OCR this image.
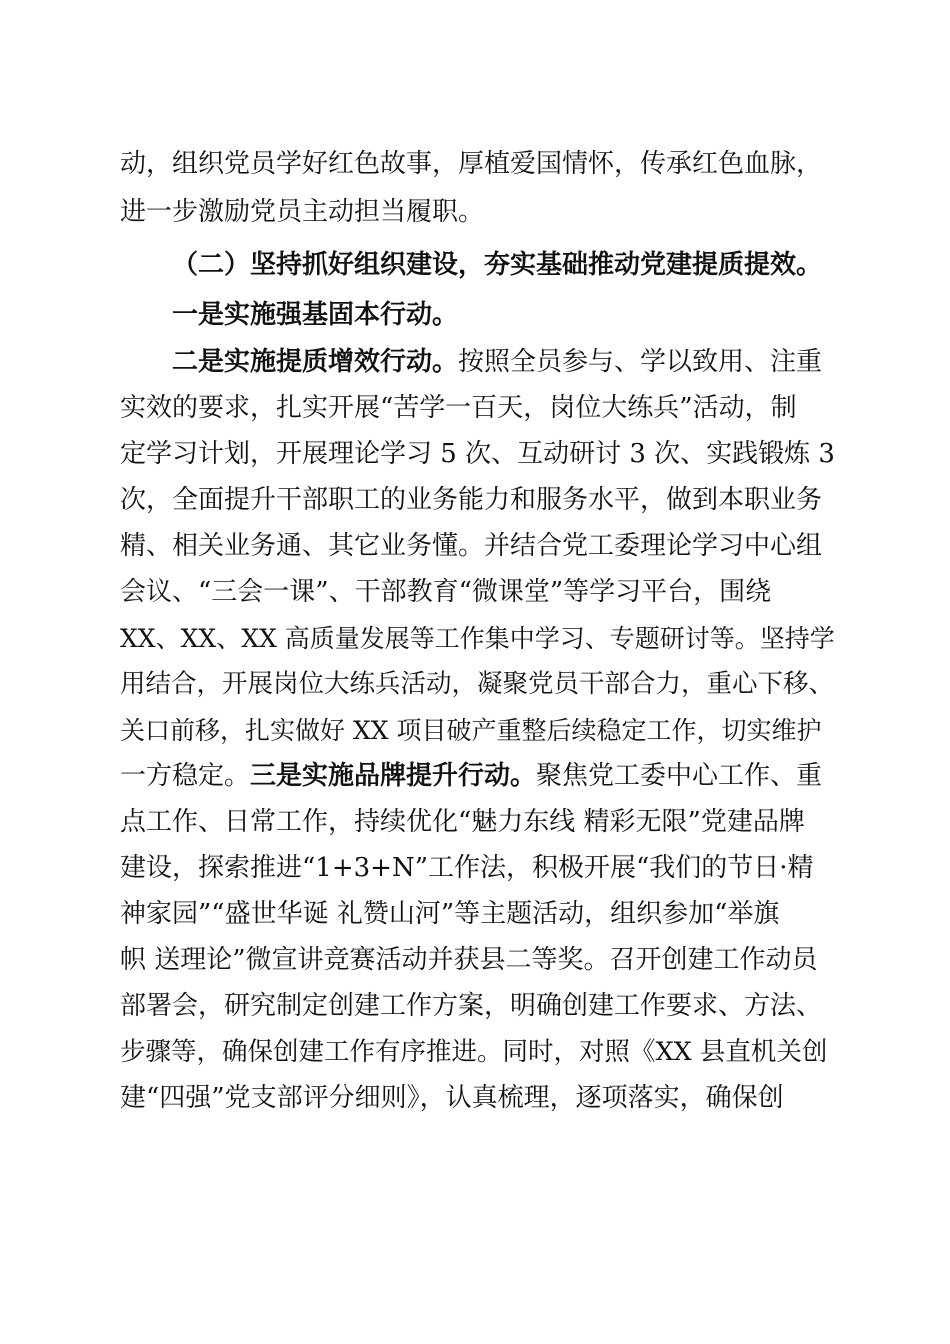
动，组织党员学好红色故事，厚植爱国情怀，传承红色血脉，

进一步激励党员主动担当履职。

（二）坚持抓好组织建设，夯实基础推动党建提质提效。

一是实施强基固本行动。

二是实施提质增效行动。按照全员参与、学以致用、注重

实效的要求，扎实开展“苦学一百天，岗位大练兵”活动，制

定学习计划，开展理论学习 5 次、互动研讨 3 次、实践锻炼 3

次，全面提升干部职工的业务能力和服务水平，做到本职业务

精、相关业务通、其它业务懂。并结合党工委理论学习中心组

会议、“三会一课”、干部教育“微课堂”等学习平台，围绕

XX、XX、XX 高质量发展等工作集中学习、专题研讨等。坚持学

用结合，开展岗位大练兵活动，凝聚党员干部合力，重心下移、

关口前移，扎实做好 XX 项目破产重整后续稳定工作，切实维护

一方稳定。三是实施品牌提升行动。聚焦党工委中心工作、重

点工作、日常工作，持续优化“魅力东线 精彩无限”党建品牌

建设，探索推进“1+3+N”工作法，积极开展“我们的节日·精

神家园”“盛世华诞 礼赞山河”等主题活动，组织参加“举旗

帜 送理论”微宣讲竞赛活动并获县二等奖。召开创建工作动员

部署会，研究制定创建工作方案，明确创建工作要求、方法、

步骤等，确保创建工作有序推进。同时，对照《XX 县直机关创

建“四强”党支部评分细则》，认真梳理，逐项落实，确保创
